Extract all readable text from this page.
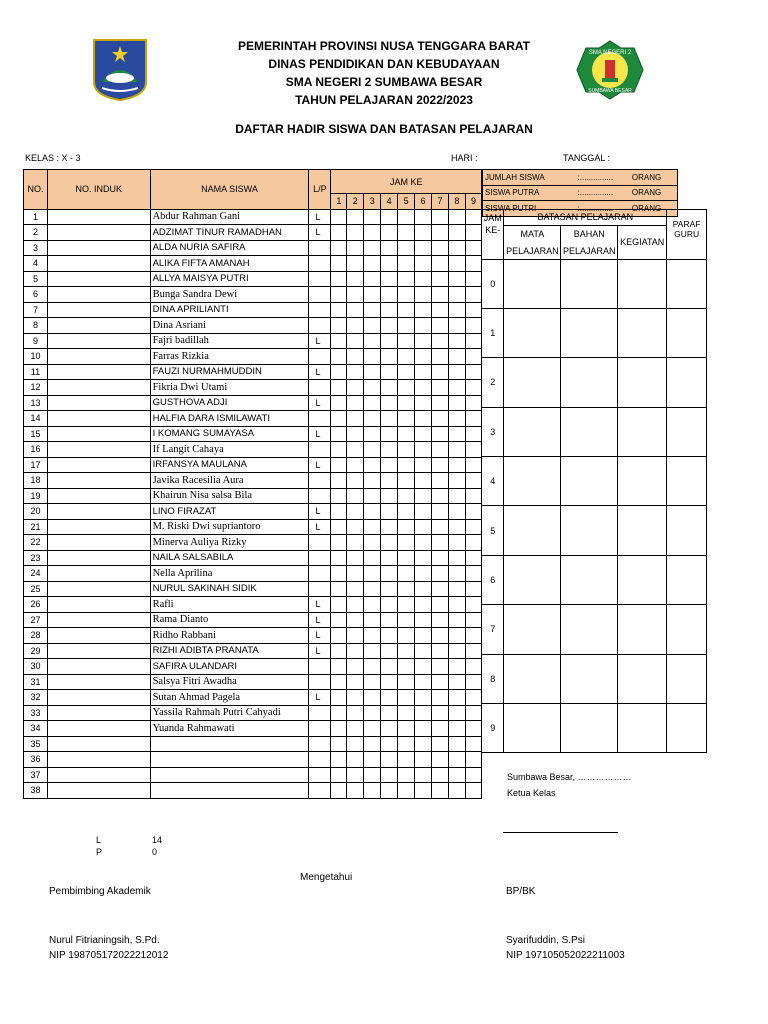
SMA NEGERI 2
SUMBAWA BESAR
PEMERINTAH PROVINSI NUSA TENGGARA BARAT
DINAS PENDIDIKAN DAN KEBUDAYAAN
SMA NEGERI 2 SUMBAWA BESAR
TAHUN PELAJARAN 2022/2023
DAFTAR HADIR SISWA DAN BATASAN PELAJARAN
KELAS : X - 3	HARI :	TANGGAL :
NO.	NO. INDUK	NAMA SISWA	L/P	JAM KE								
				1	2	3	4	5	6	7	8	9
1		Abdur Rahman Gani	L									
2		ADZIMAT TINUR RAMADHAN	L									
3		ALDA NURIA SAFIRA										
4		ALIKA FIFTA AMANAH										
5		ALLYA MAISYA PUTRI										
6		Bunga Sandra Dewi										
7		DINA APRILIANTI										
8		Dina Asriani										
9		Fajri badillah	L									
10		Farras Rizkia										
11		FAUZI NURMAHMUDDIN	L									
12		Fikria Dwi Utami										
13		GUSTHOVA ADJI	L									
14		HALFIA DARA ISMILAWATI										
15		I KOMANG SUMAYASA	L									
16		If Langit Cahaya										
17		IRFANSYA MAULANA	L									
18		Javika Racesilia Aura										
19		Khairun Nisa salsa Bila										
20		LINO FIRAZAT	L									
21		M. Riski Dwi supriantoro	L									
22		Minerva Auliya Rizky										
23		NAILA SALSABILA										
24		Nella Aprilina										
25		NURUL SAKINAH SIDIK										
26		Rafli	L									
27		Rama Dianto	L									
28		Ridho Rabbani	L									
29		RIZHI ADIBTA PRANATA	L									
30		SAFIRA ULANDARI										
31		Salsya Fitri Awadha										
32		Sutan Ahmad Pagela	L									
33		Yassila Rahmah Putri Cahyadi										
34		Yuanda Rahmawati										
35												
36												
37												
38												
JUMLAH SISWA	:...............	ORANG
SISWA PUTRA	:...............	ORANG
SISWA PUTRI	:...............	ORANG
JAM	BATASAN PELAJARAN			PARAF
GURU

KE-	MATA	BAHAN	KEGIATAN	
	PELAJARAN	PELAJARAN		
0				
1				
2				
3				
4				
5				
6				
7				
8				
9				
L	14
P	0
Sumbawa Besar, ………………
Ketua Kelas
Mengetahui
Pembimbing Akademik	BP/BK
Nurul Fitrianingsih, S.Pd.
NIP 198705172022212012
Syarifuddin, S.Psi
NIP 197105052022211003
